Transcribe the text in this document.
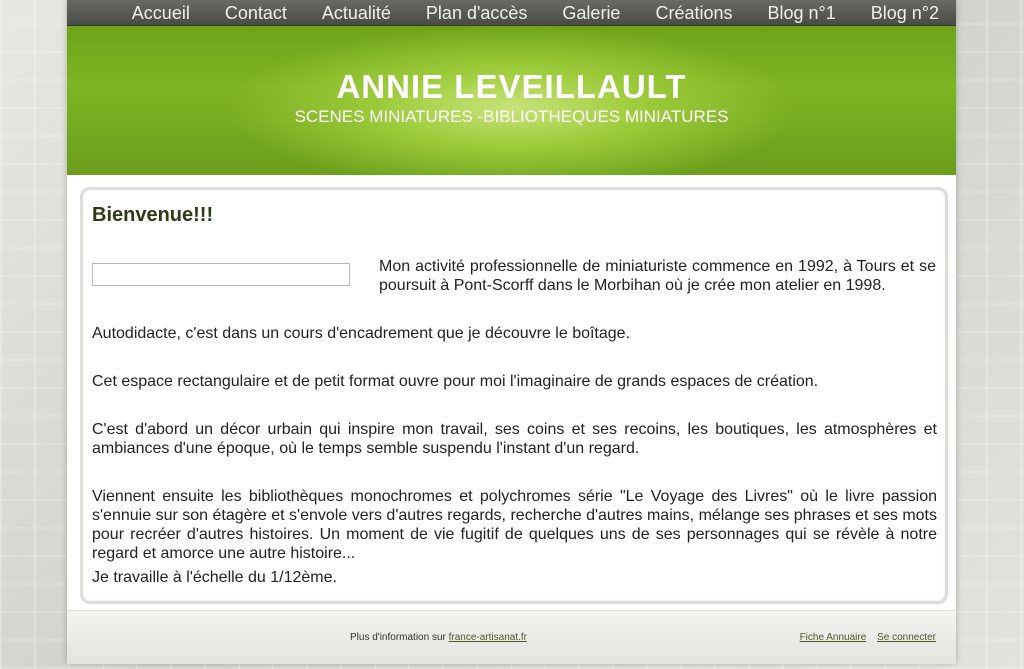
Accueil Contact Actualité Plan d'accès Galerie Créations Blog n°1 Blog n°2
ANNIE LEVEILLAULT
SCENES MINIATURES -BIBLIOTHEQUES MINIATURES
Bienvenue!!!
Mon activité professionnelle de miniaturiste commence en 1992, à Tours et se poursuit à Pont-Scorff dans le Morbihan où je crée mon atelier en 1998.
Autodidacte, c'est dans un cours d'encadrement que je découvre le boîtage.
Cet espace rectangulaire et de petit format ouvre pour moi l'imaginaire de grands espaces de création.
C'est d'abord un décor urbain qui inspire mon travail, ses coins et ses recoins, les boutiques, les atmosphères et ambiances d'une époque, où le temps semble suspendu l'instant d'un regard.
Viennent ensuite les bibliothèques monochromes et polychromes série "Le Voyage des Livres" où le livre passion s'ennuie sur son étagère et s'envole vers d'autres regards, recherche d'autres mains, mélange ses phrases et ses mots pour recréer d'autres histoires. Un moment de vie fugitif de quelques uns de ses personnages qui se révèle à notre regard et amorce une autre histoire...
Je travaille à l'échelle du 1/12ème.
Plus d'information sur france-artisanat.fr	Fiche Annuaire Se connecter
